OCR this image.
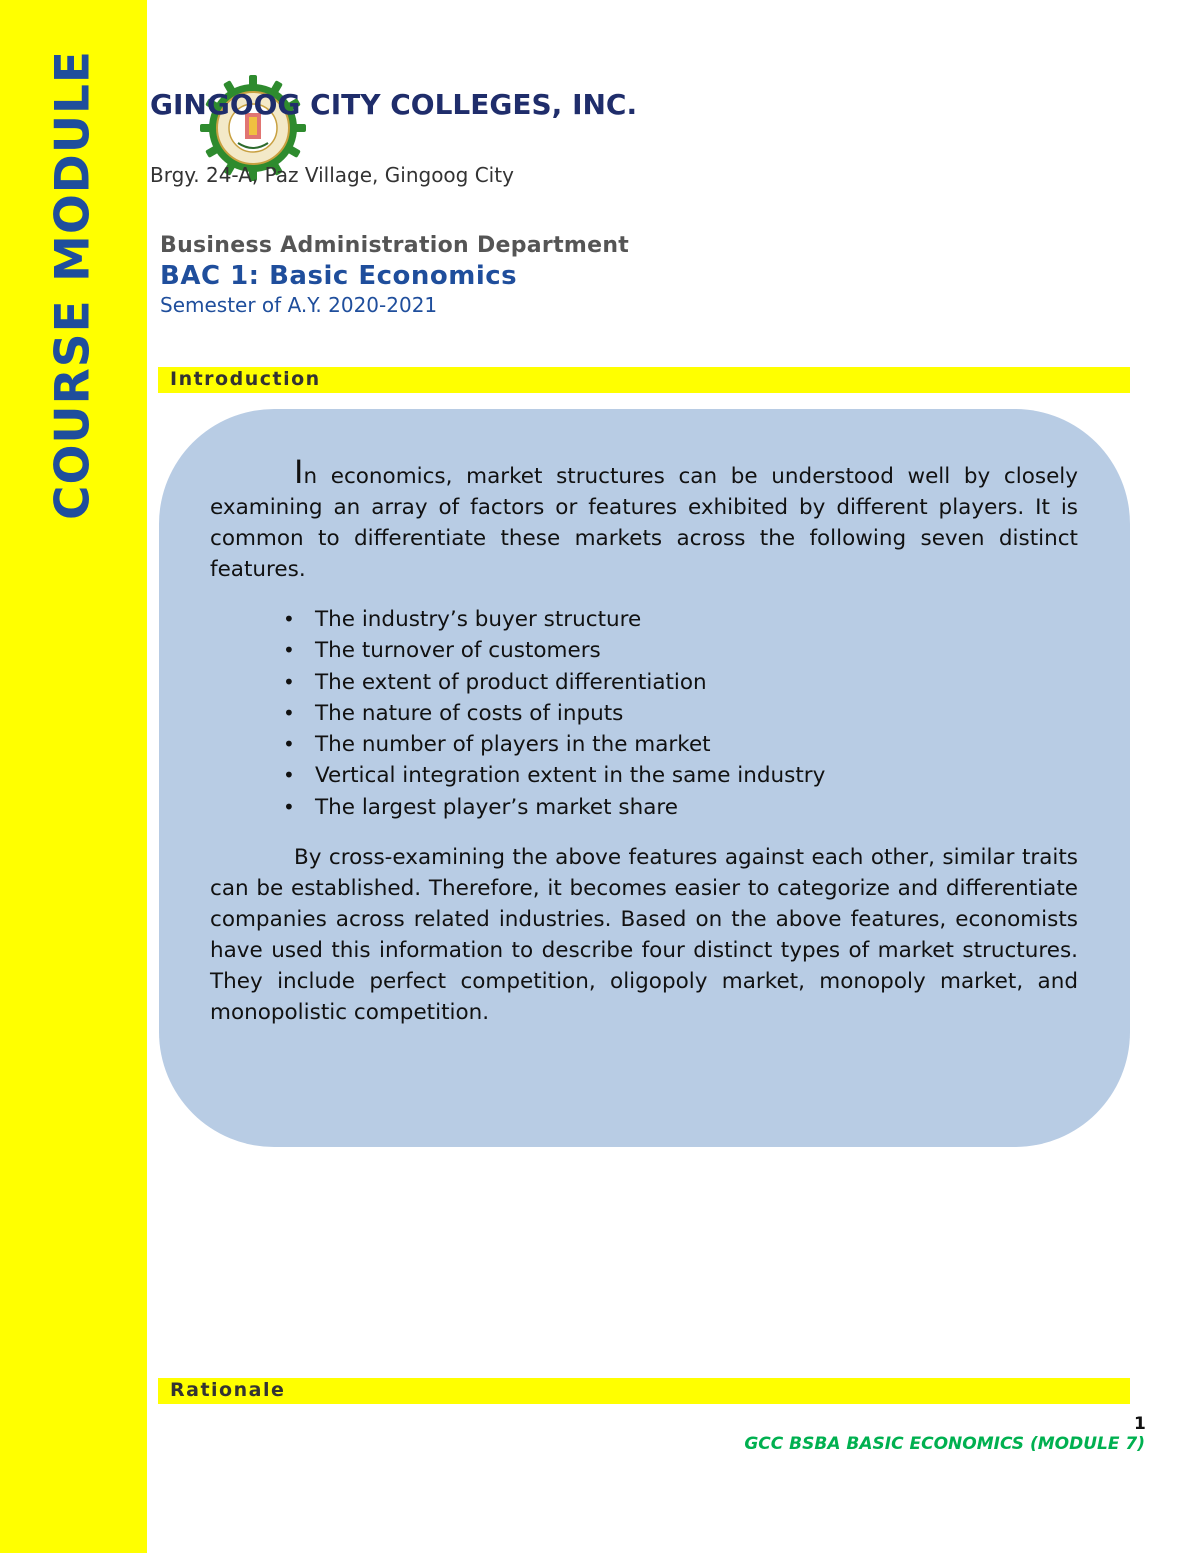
COURSE MODULE GINGOOG CITY COLLEGES, INC.
Brgy. 24-A, Paz Village, Gingoog City
Business Administration Department
BAC 1: Basic Economics
Semester of A.Y. 2020-2021
Introduction

In economics, market structures can be understood well by closely examining an array of factors or features exhibited by different players. It is common to differentiate these markets across the following seven distinct features.

• The industry’s buyer structure
• The turnover of customers
• The extent of product differentiation
• The nature of costs of inputs
• The number of players in the market
• Vertical integration extent in the same industry
• The largest player’s market share

By cross-examining the above features against each other, similar traits can be established. Therefore, it becomes easier to categorize and differentiate companies across related industries. Based on the above features, economists have used this information to describe four distinct types of market structures. They include perfect competition, oligopoly market, monopoly market, and monopolistic competition.

Rationale
1
GCC BSBA BASIC ECONOMICS (MODULE 7)
